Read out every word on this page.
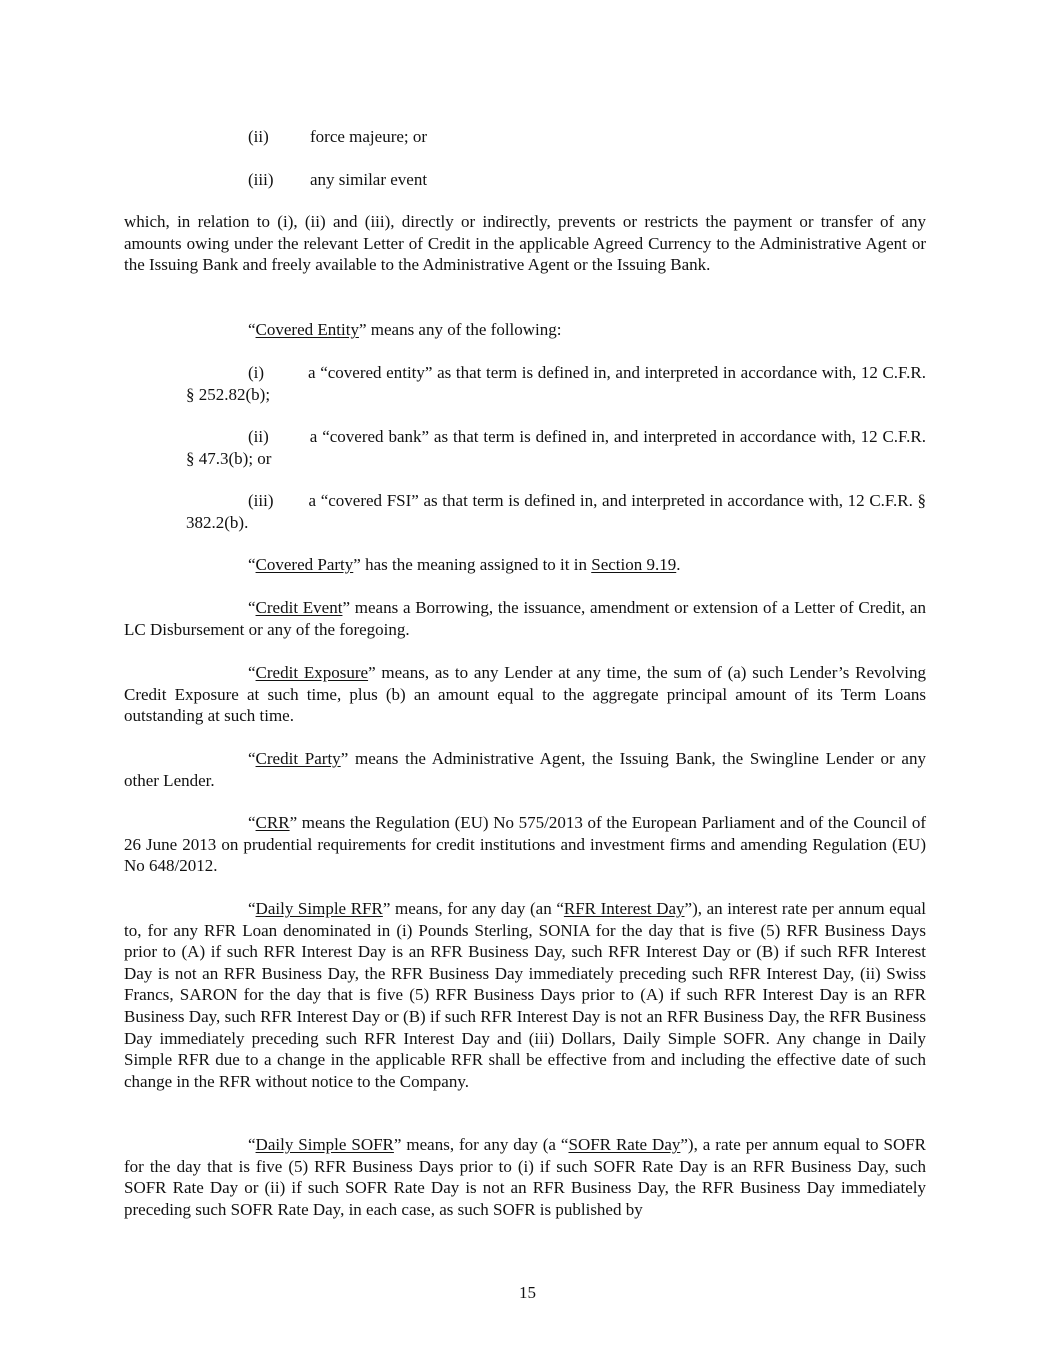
(ii) force majeure; or
(iii) any similar event

which, in relation to (i), (ii) and (iii), directly or indirectly, prevents or restricts the payment or transfer of any amounts owing under the relevant Letter of Credit in the applicable Agreed Currency to the Administrative Agent or the Issuing Bank and freely available to the Administrative Agent or the Issuing Bank.

“Covered Entity” means any of the following:

(i)	a “covered entity” as that term is defined in, and interpreted in accordance with, 12 C.F.R. § 252.82(b);

(ii) a “covered bank” as that term is defined in, and interpreted in accordance with, 12 C.F.R. § 47.3(b); or

(iii) a “covered FSI” as that term is defined in, and interpreted in accordance with, 12 C.F.R. § 382.2(b).

“Covered Party” has the meaning assigned to it in Section 9.19.

“Credit Event” means a Borrowing, the issuance, amendment or extension of a Letter of Credit, an LC Disbursement or any of the foregoing.

“Credit Exposure” means, as to any Lender at any time, the sum of (a) such Lender’s Revolving Credit Exposure at such time, plus (b) an amount equal to the aggregate principal amount of its Term Loans outstanding at such time.

“Credit Party” means the Administrative Agent, the Issuing Bank, the Swingline Lender or any other Lender.

“CRR” means the Regulation (EU) No 575/2013 of the European Parliament and of the Council of 26 June 2013 on prudential requirements for credit institutions and investment firms and amending Regulation (EU) No 648/2012.

“Daily Simple RFR” means, for any day (an “RFR Interest Day”), an interest rate per annum equal to, for any RFR Loan denominated in (i) Pounds Sterling, SONIA for the day that is five (5) RFR Business Days prior to (A) if such RFR Interest Day is an RFR Business Day, such RFR Interest Day or (B) if such RFR Interest Day is not an RFR Business Day, the RFR Business Day immediately preceding such RFR Interest Day, (ii) Swiss Francs, SARON for the day that is five (5) RFR Business Days prior to (A) if such RFR Interest Day is an RFR Business Day, such RFR Interest Day or (B) if such RFR Interest Day is not an RFR Business Day, the RFR Business Day immediately preceding such RFR Interest Day and (iii) Dollars, Daily Simple SOFR. Any change in Daily Simple RFR due to a change in the applicable RFR shall be effective from and including the effective date of such change in the RFR without notice to the Company.

“Daily Simple SOFR” means, for any day (a “SOFR Rate Day”), a rate per annum equal to SOFR for the day that is five (5) RFR Business Days prior to (i) if such SOFR Rate Day is an RFR Business Day, such SOFR Rate Day or (ii) if such SOFR Rate Day is not an RFR Business Day, the RFR Business Day immediately preceding such SOFR Rate Day, in each case, as such SOFR is published by

15
